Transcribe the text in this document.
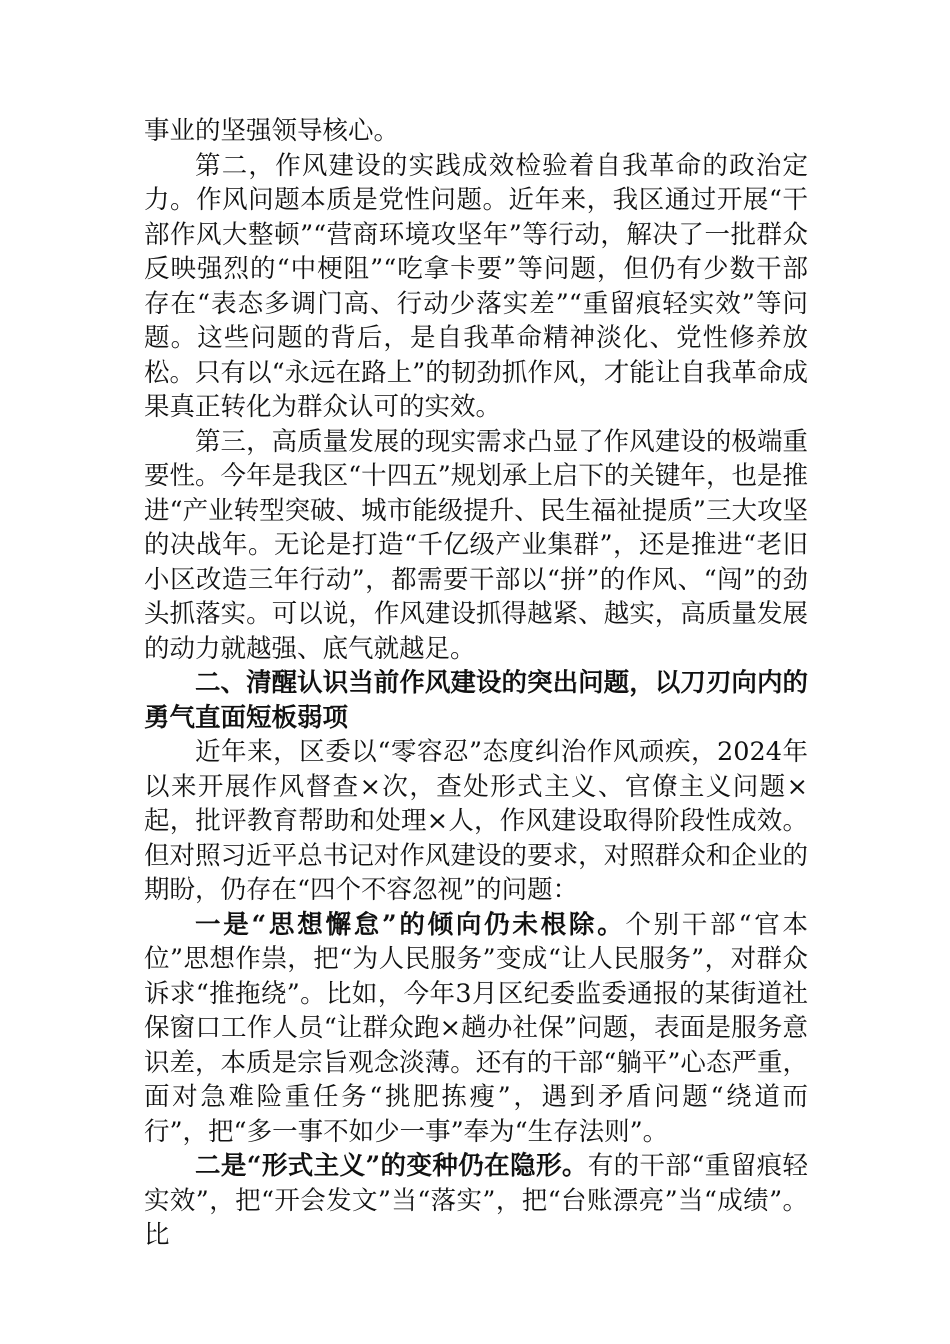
事业的坚强领导核心。

第二，作风建设的实践成效检验着自我革命的政治定力。作风问题本质是党性问题。近年来，我区通过开展“干部作风大整顿”“营商环境攻坚年”等行动，解决了一批群众反映强烈的“中梗阻”“吃拿卡要”等问题，但仍有少数干部存在“表态多调门高、行动少落实差”“重留痕轻实效”等问题。这些问题的背后，是自我革命精神淡化、党性修养放松。只有以“永远在路上”的韧劲抓作风，才能让自我革命成果真正转化为群众认可的实效。

第三，高质量发展的现实需求凸显了作风建设的极端重要性。今年是我区“十四五”规划承上启下的关键年，也是推进“产业转型突破、城市能级提升、民生福祉提质”三大攻坚的决战年。无论是打造“千亿级产业集群”，还是推进“老旧小区改造三年行动”，都需要干部以“拼”的作风、“闯”的劲头抓落实。可以说，作风建设抓得越紧、越实，高质量发展的动力就越强、底气就越足。

二、清醒认识当前作风建设的突出问题，以刀刃向内的勇气直面短板弱项

近年来，区委以“零容忍”态度纠治作风顽疾，2024年以来开展作风督查×次，查处形式主义、官僚主义问题×起，批评教育帮助和处理×人，作风建设取得阶段性成效。但对照习近平总书记对作风建设的要求，对照群众和企业的期盼，仍存在“四个不容忽视”的问题：

一是“思想懈怠”的倾向仍未根除。个别干部“官本位”思想作祟，把“为人民服务”变成“让人民服务”，对群众诉求“推拖绕”。比如，今年3月区纪委监委通报的某街道社保窗口工作人员“让群众跑×趟办社保”问题，表面是服务意识差，本质是宗旨观念淡薄。还有的干部“躺平”心态严重，面对急难险重任务“挑肥拣瘦”，遇到矛盾问题“绕道而行”，把“多一事不如少一事”奉为“生存法则”。

二是“形式主义”的变种仍在隐形。有的干部“重留痕轻实效”，把“开会发文”当“落实”，把“台账漂亮”当“成绩”。比
